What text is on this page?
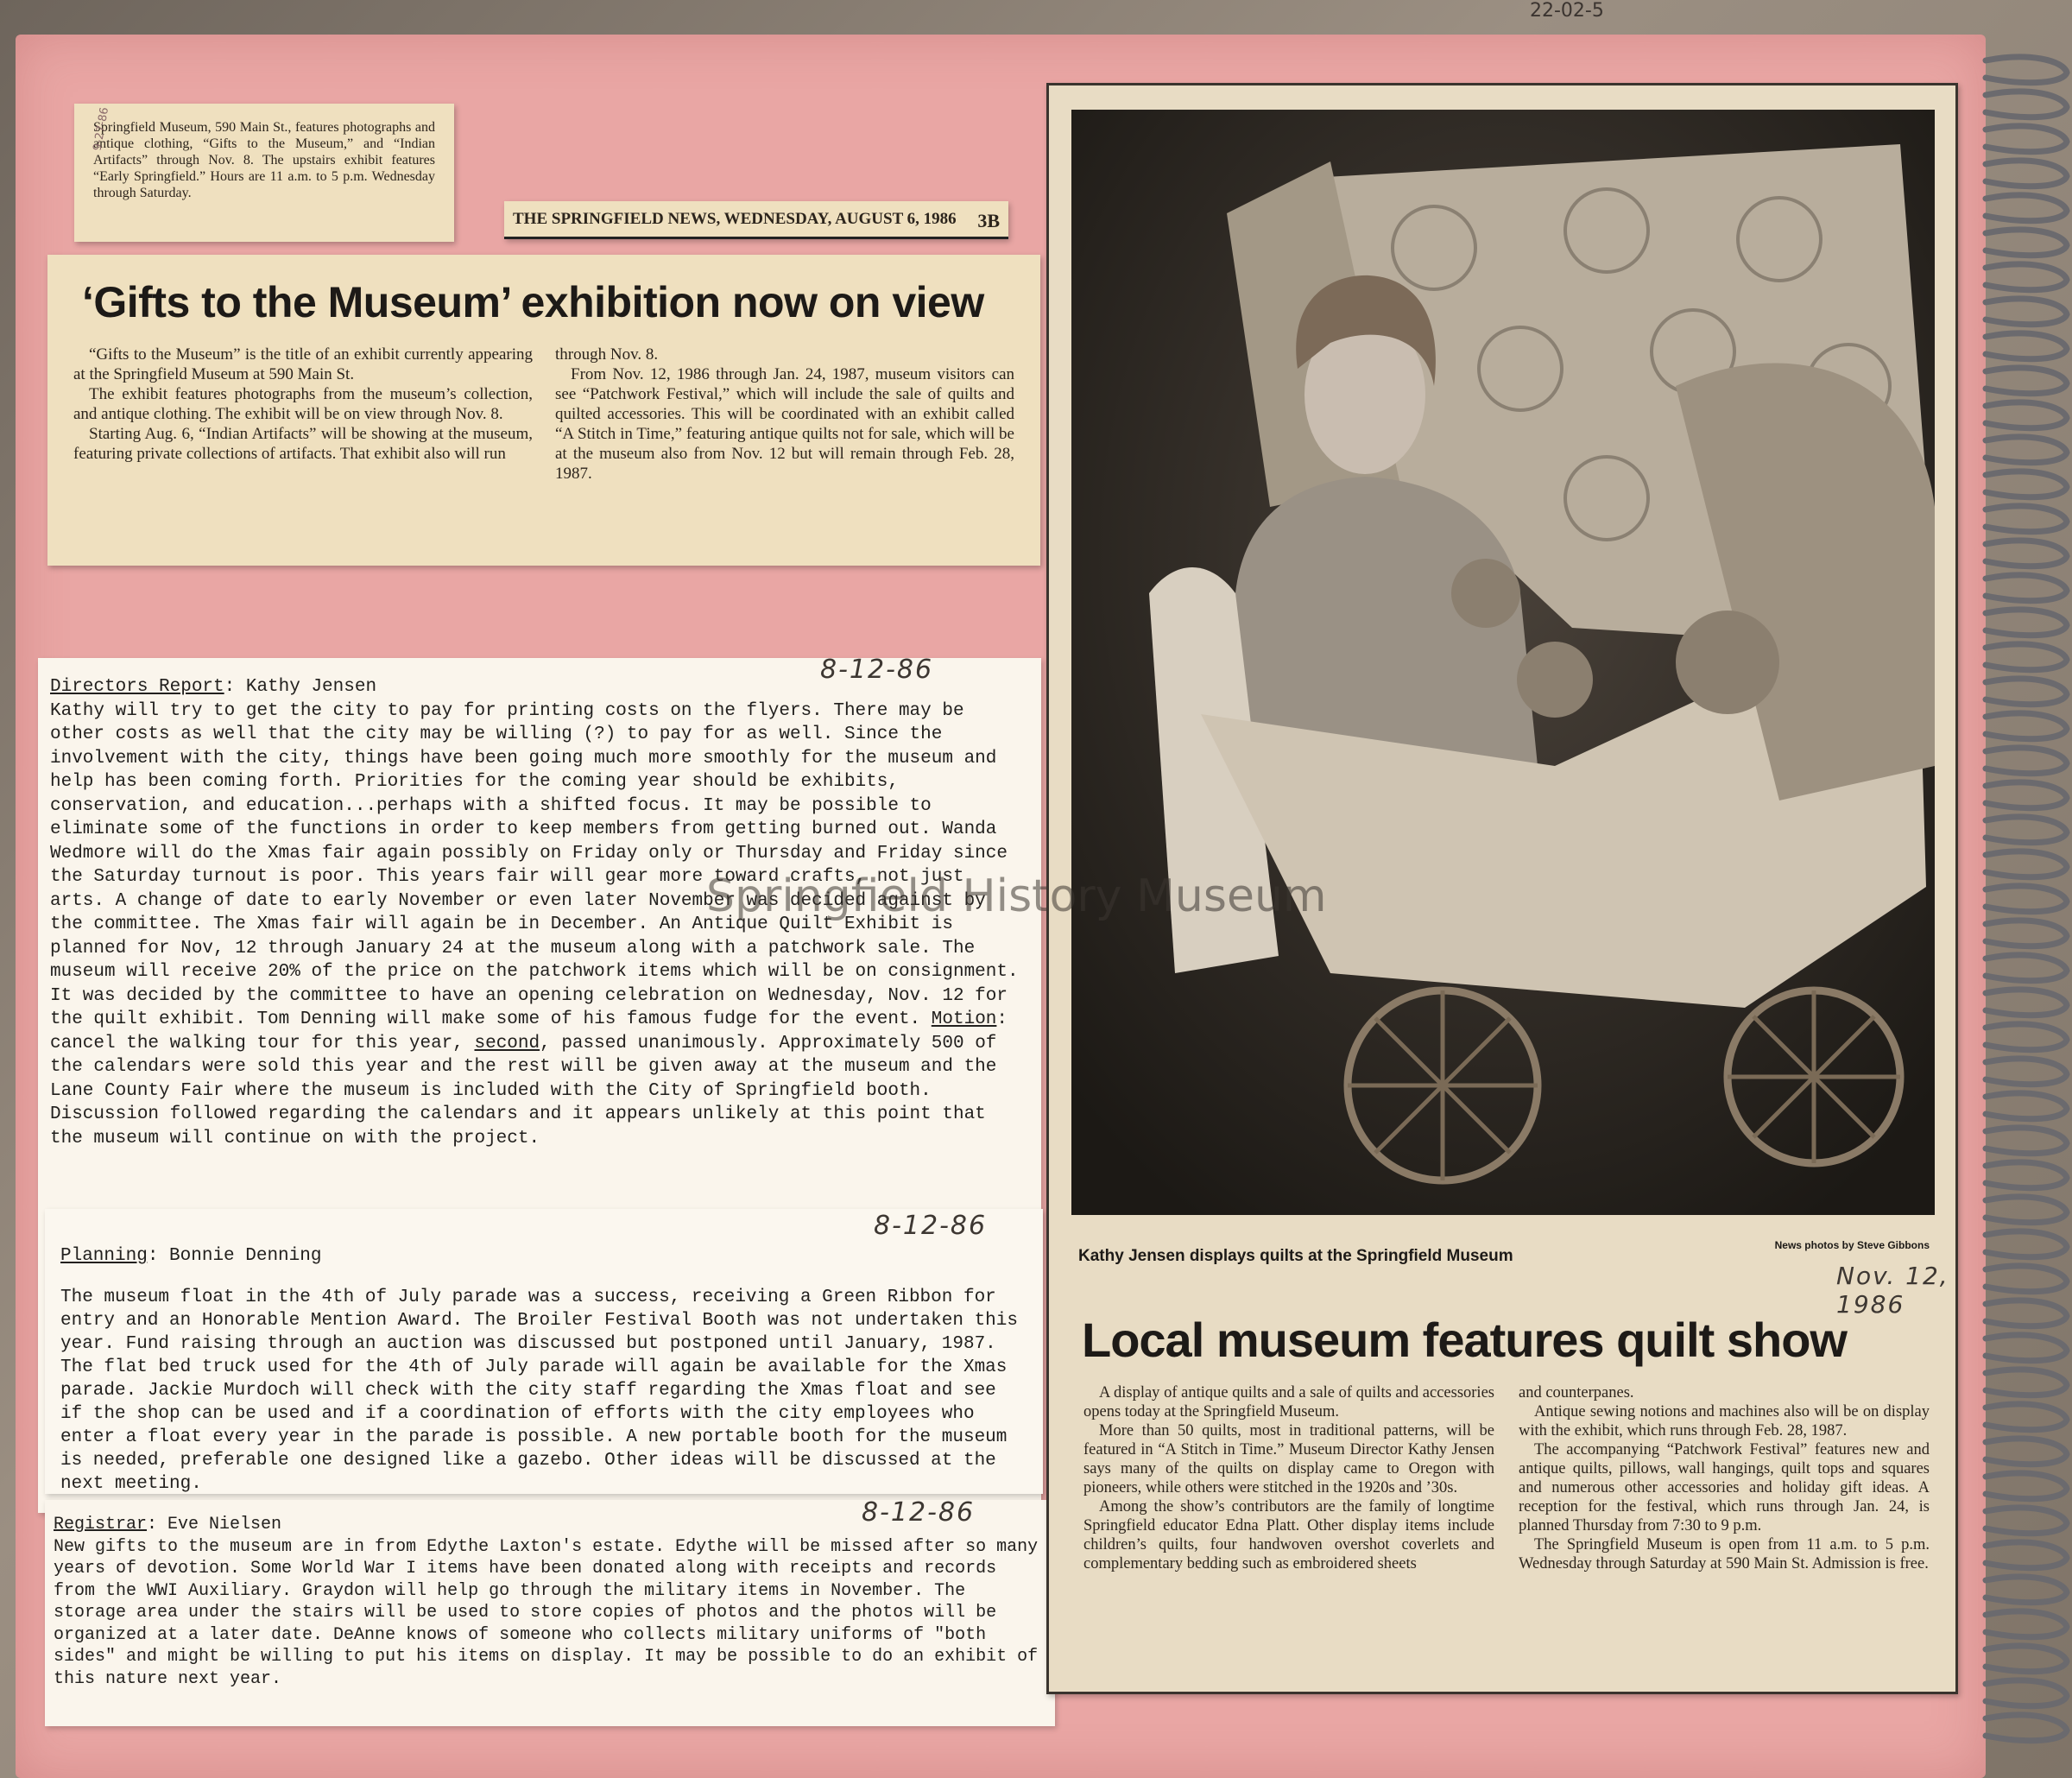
22-02-5
9-27-86
Springfield Museum, 590 Main St., features photographs and antique clothing, “Gifts to the Museum,” and “Indian Artifacts” through Nov. 8. The upstairs exhibit features “Early Springfield.” Hours are 11 a.m. to 5 p.m. Wednesday through Saturday.
THE SPRINGFIELD NEWS, WEDNESDAY, AUGUST 6, 1986 3B
‘Gifts to the Museum’ exhibition now on view

“Gifts to the Museum” is the title of an exhibit currently appearing at the Springfield Museum at 590 Main St.

The exhibit features photographs from the museum’s collection, and antique clothing. The exhibit will be on view through Nov. 8.

Starting Aug. 6, “Indian Artifacts” will be showing at the museum, featuring private collections of artifacts. That exhibit also will run

through Nov. 8.

From Nov. 12, 1986 through Jan. 24, 1987, museum visitors can see “Patchwork Festival,” which will include the sale of quilts and quilted accessories. This will be coordinated with an exhibit called “A Stitch in Time,” featuring antique quilts not for sale, which will be at the museum also from Nov. 12 but will remain through Feb. 28, 1987.

Directors Report: Kathy Jensen

Kathy will try to get the city to pay for printing costs on the flyers. There may be other costs as well that the city may be willing (?) to pay for as well. Since the involvement with the city, things have been going much more smoothly for the museum and help has been coming forth. Priorities for the coming year should be exhibits, conservation, and education...perhaps with a shifted focus. It may be possible to eliminate some of the functions in order to keep members from getting burned out. Wanda Wedmore will do the Xmas fair again possibly on Friday only or Thursday and Friday since the Saturday turnout is poor. This years fair will gear more toward crafts, not just arts. A change of date to early November or even later November was decided against by the committee. The Xmas fair will again be in December. An Antique Quilt Exhibit is planned for Nov, 12 through January 24 at the museum along with a patchwork sale. The museum will receive 20% of the price on the patchwork items which will be on consignment. It was decided by the committee to have an opening celebration on Wednesday, Nov. 12 for the quilt exhibit. Tom Denning will make some of his famous fudge for the event. Motion: cancel the walking tour for this year, second, passed unanimously. Approximately 500 of the calendars were sold this year and the rest will be given away at the museum and the Lane County Fair where the museum is included with the City of Springfield booth. Discussion followed regarding the calendars and it appears unlikely at this point that the museum will continue on with the project.

8-12-86

Planning: Bonnie Denning

The museum float in the 4th of July parade was a success, receiving a Green Ribbon for entry and an Honorable Mention Award. The Broiler Festival Booth was not undertaken this year. Fund raising through an auction was discussed but postponed until January, 1987. The flat bed truck used for the 4th of July parade will again be available for the Xmas parade. Jackie Murdoch will check with the city staff regarding the Xmas float and see if the shop can be used and if a coordination of efforts with the city employees who enter a float every year in the parade is possible. A new portable booth for the museum is needed, preferable one designed like a gazebo. Other ideas will be discussed at the next meeting.

8-12-86

Registrar: Eve Nielsen

New gifts to the museum are in from Edythe Laxton's estate. Edythe will be missed after so many years of devotion. Some World War I items have been donated along with receipts and records from the WWI Auxiliary. Graydon will help go through the military items in November. The storage area under the stairs will be used to store copies of photos and the photos will be organized at a later date. DeAnne knows of someone who collects military uniforms of "both sides" and might be willing to put his items on display. It may be possible to do an exhibit of this nature next year.

8-12-86
News photos by Steve Gibbons
Kathy Jensen displays quilts at the Springfield Museum
Nov. 12, 1986
Local museum features quilt show

A display of antique quilts and a sale of quilts and accessories opens today at the Springfield Museum.

More than 50 quilts, most in traditional patterns, will be featured in “A Stitch in Time.” Museum Director Kathy Jensen says many of the quilts on display came to Oregon with pioneers, while others were stitched in the 1920s and ’30s.

Among the show’s contributors are the family of longtime Springfield educator Edna Platt. Other display items include children’s quilts, four handwoven overshot coverlets and complementary bedding such as embroidered sheets

and counterpanes.

Antique sewing notions and machines also will be on display with the exhibit, which runs through Feb. 28, 1987.

The accompanying “Patchwork Festival” features new and antique quilts, pillows, wall hangings, quilt tops and squares and numerous other accessories and holiday gift ideas. A reception for the festival, which runs through Jan. 24, is planned Thursday from 7:30 to 9 p.m.

The Springfield Museum is open from 11 a.m. to 5 p.m. Wednesday through Saturday at 590 Main St. Admission is free.

Springfield History Museum
